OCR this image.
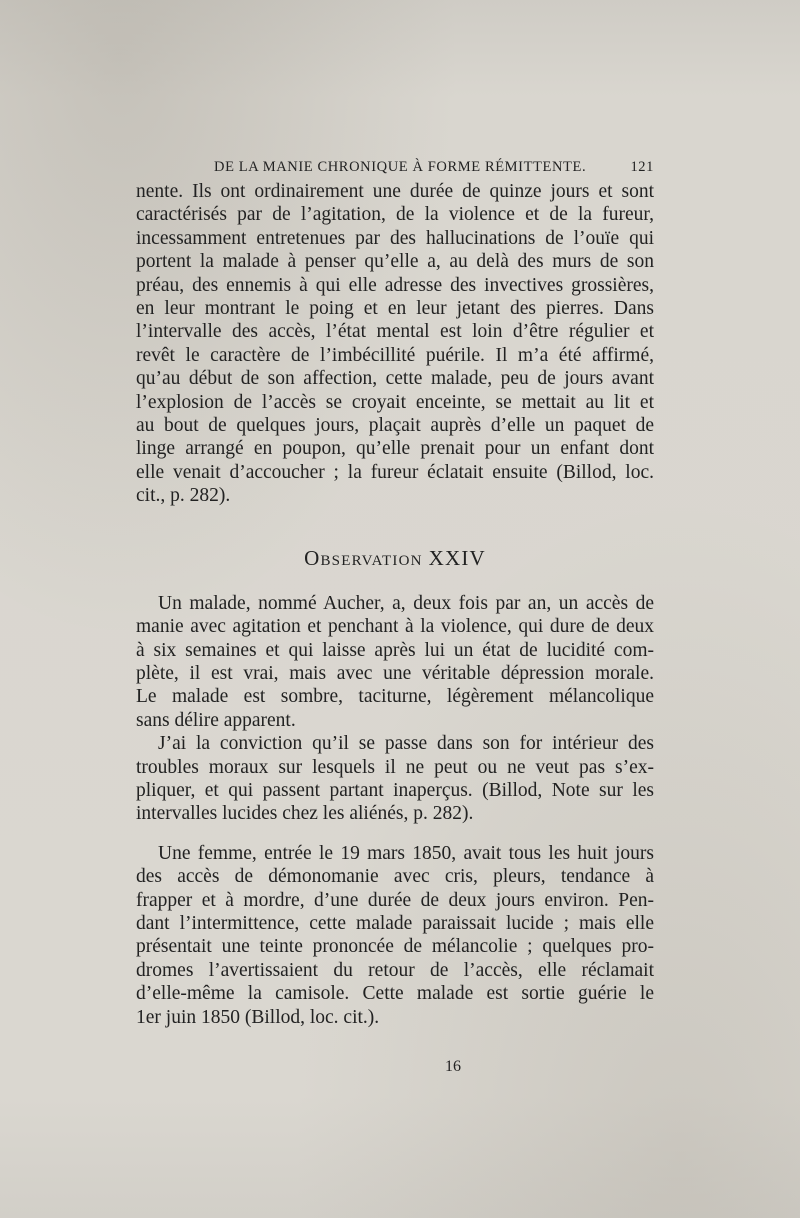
DE LA MANIE CHRONIQUE À FORME RÉMITTENTE.	121
nente. Ils ont ordinairement une durée de quinze jours et sont
caractérisés par de l’agitation, de la violence et de la fureur,
incessamment entretenues par des hallucinations de l’ouïe qui
portent la malade à penser qu’elle a, au delà des murs de son
préau, des ennemis à qui elle adresse des invectives grossières,
en leur montrant le poing et en leur jetant des pierres. Dans
l’intervalle des accès, l’état mental est loin d’être régulier et
revêt le caractère de l’imbécillité puérile. Il m’a été affirmé,
qu’au début de son affection, cette malade, peu de jours avant
l’explosion de l’accès se croyait enceinte, se mettait au lit et
au bout de quelques jours, plaçait auprès d’elle un paquet de
linge arrangé en poupon, qu’elle prenait pour un enfant dont
elle venait d’accoucher ; la fureur éclatait ensuite (Billod, loc.
cit., p. 282).
OBSERVATION XXIV
Un malade, nommé Aucher, a, deux fois par an, un accès de
manie avec agitation et penchant à la violence, qui dure de deux
à six semaines et qui laisse après lui un état de lucidité com-
plète, il est vrai, mais avec une véritable dépression morale.
Le malade est sombre, taciturne, légèrement mélancolique
sans délire apparent.
J’ai la conviction qu’il se passe dans son for intérieur des
troubles moraux sur lesquels il ne peut ou ne veut pas s’ex-
pliquer, et qui passent partant inaperçus. (Billod, Note sur les
intervalles lucides chez les aliénés, p. 282).
Une femme, entrée le 19 mars 1850, avait tous les huit jours
des accès de démonomanie avec cris, pleurs, tendance à
frapper et à mordre, d’une durée de deux jours environ. Pen-
dant l’intermittence, cette malade paraissait lucide ; mais elle
présentait une teinte prononcée de mélancolie ; quelques pro-
dromes l’avertissaient du retour de l’accès, elle réclamait
d’elle-même la camisole. Cette malade est sortie guérie le
1er juin 1850 (Billod, loc. cit.).
16
